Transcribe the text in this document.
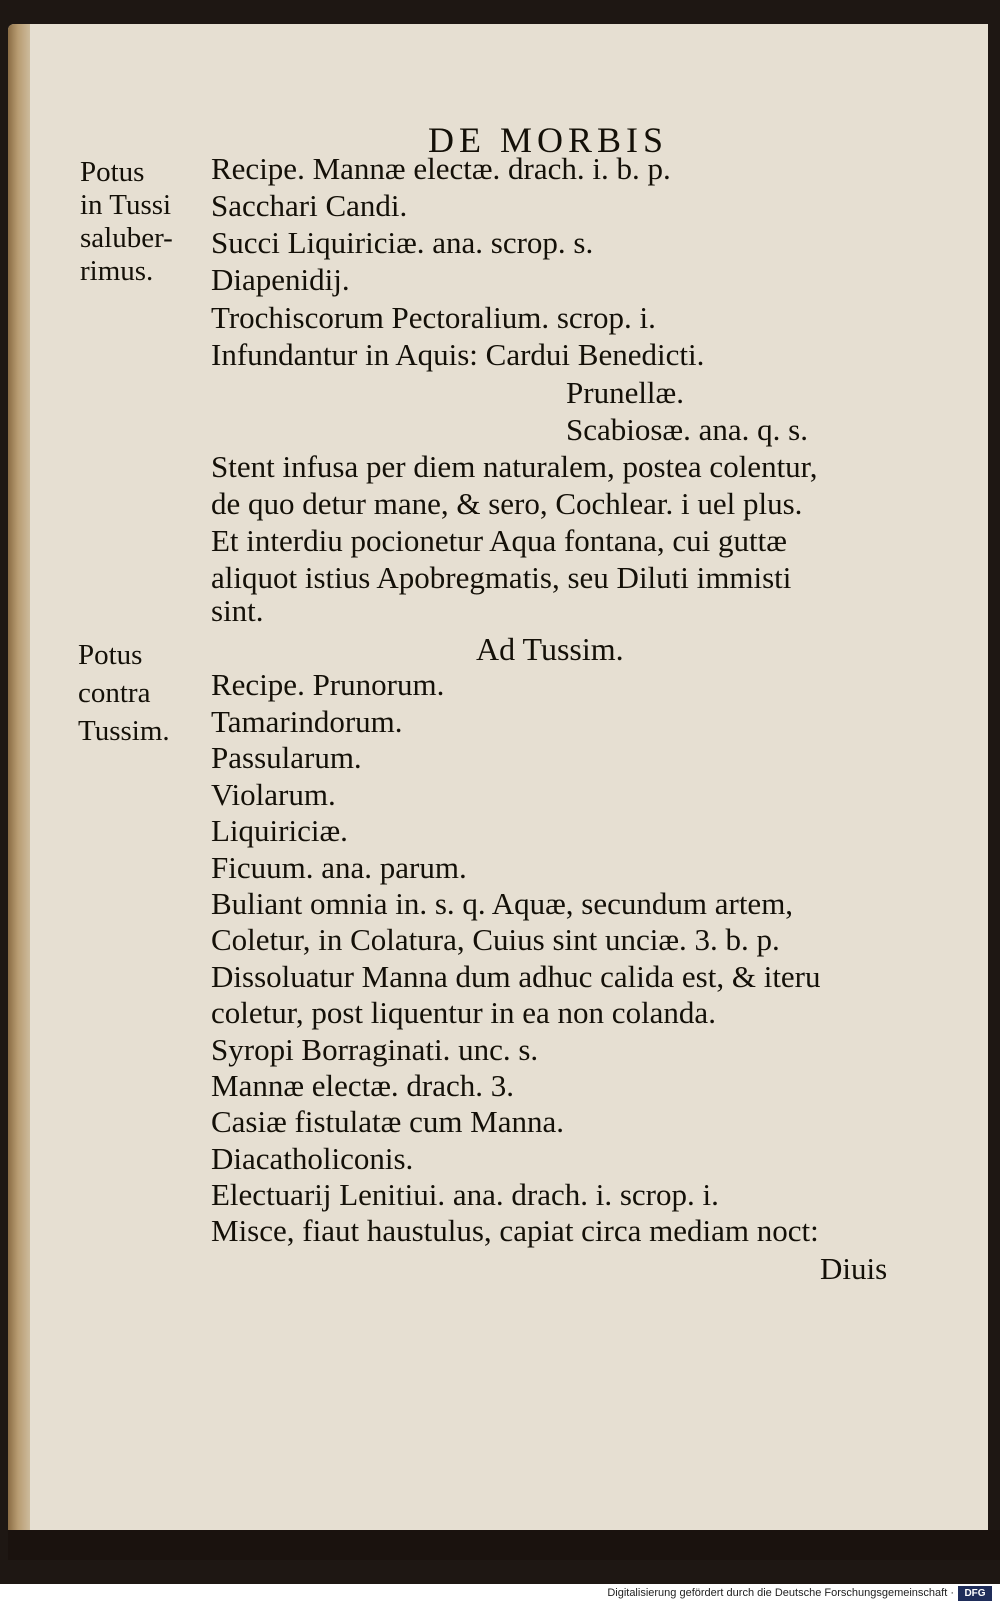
DE MORBIS
Potus
in Tussi
saluber-
rimus.
Potus
contra
Tussim.
Recipe. Mannæ electæ. drach. i. b. p.
Sacchari Candi.
Succi Liquiriciæ. ana. scrop. s.
Diapenidij.
Trochiscorum Pectoralium. scrop. i.
Infundantur in Aquis: Cardui Benedicti.
Prunellæ.
Scabiosæ. ana. q. s.
Stent infusa per diem naturalem, postea colentur,
de quo detur mane, & sero, Cochlear. i uel plus.
Et interdiu pocionetur Aqua fontana, cui guttæ
aliquot istius Apobregmatis, seu Diluti immisti
sint.
Ad Tussim.
Recipe. Prunorum.
Tamarindorum.
Passularum.
Violarum.
Liquiriciæ.
Ficuum. ana. parum.
Buliant omnia in. s. q. Aquæ, secundum artem,
Coletur, in Colatura, Cuius sint unciæ. 3. b. p.
Dissoluatur Manna dum adhuc calida est, & iteru
coletur, post liquentur in ea non colanda.
Syropi Borraginati. unc. s.
Mannæ electæ. drach. 3.
Casiæ fistulatæ cum Manna.
Diacatholiconis.
Electuarij Lenitiui. ana. drach. i. scrop. i.
Misce, fiaut haustulus, capiat circa mediam noct:
Diuis
Digitalisierung gefördert durch die Deutsche Forschungsgemeinschaft ·	DFG
